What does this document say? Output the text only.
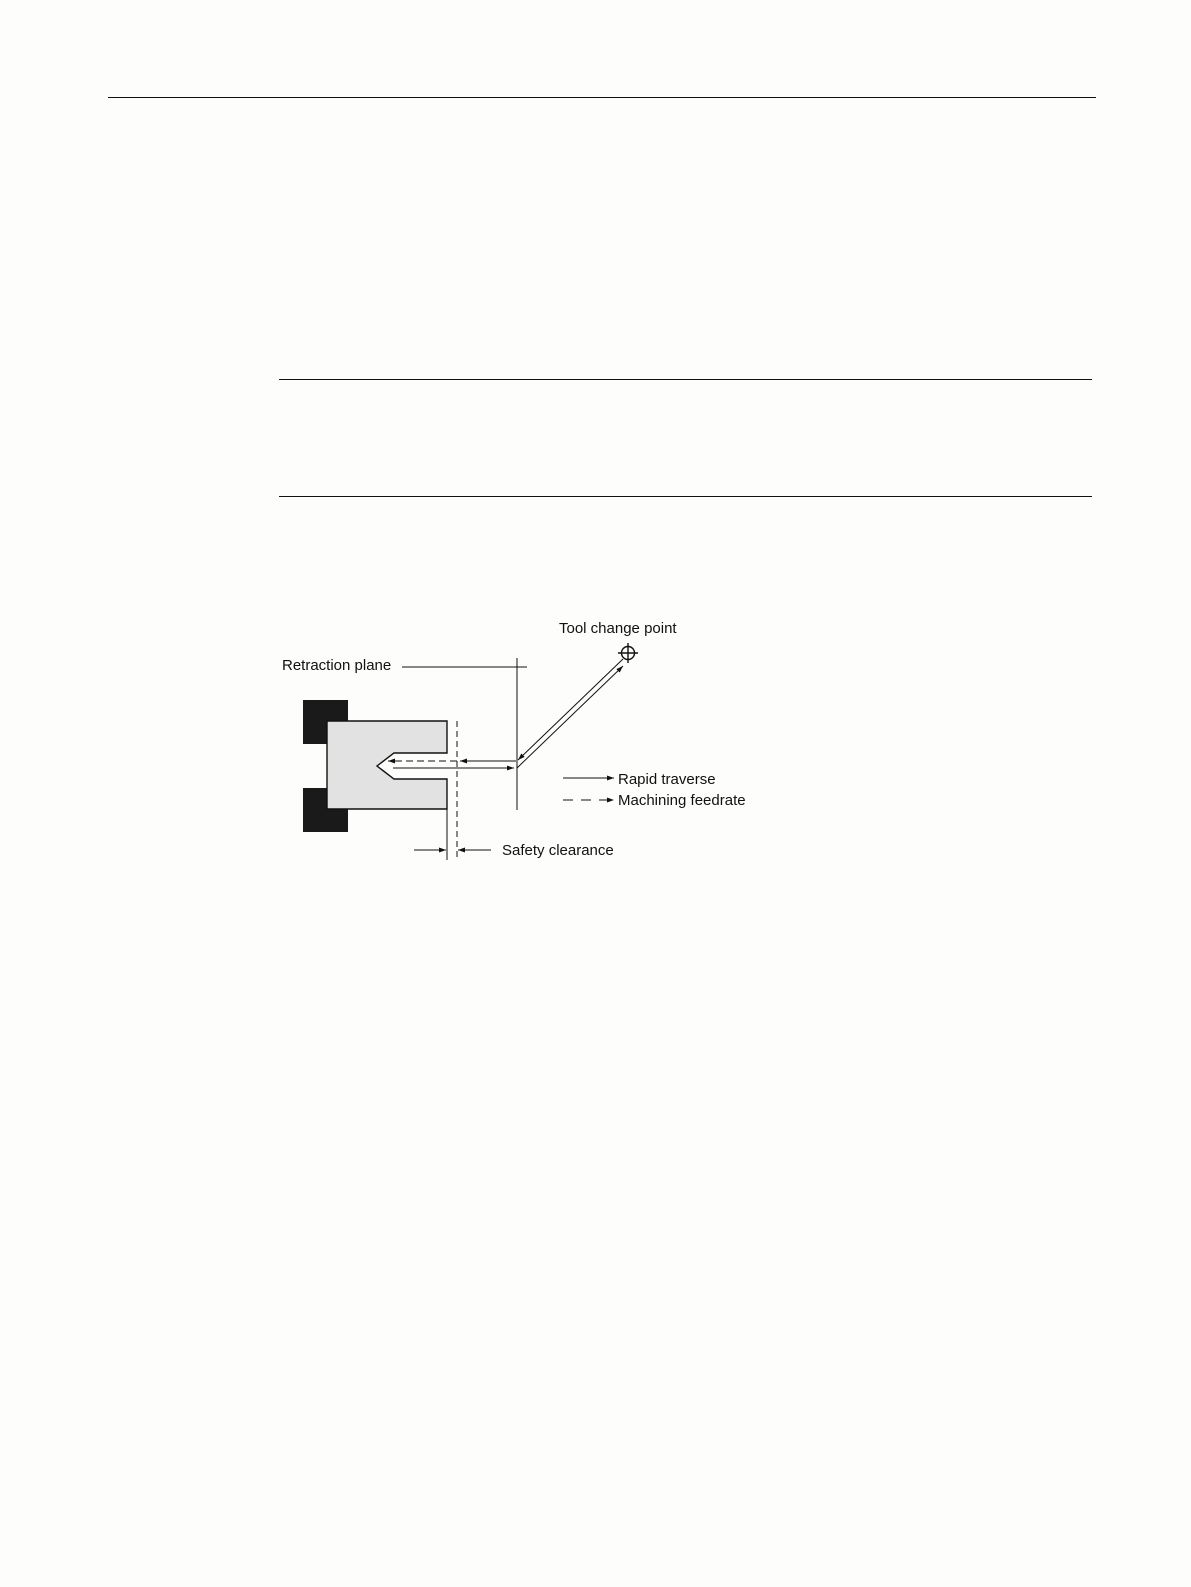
Retraction plane
Tool change point
Rapid traverse
Machining feedrate
Safety clearance
